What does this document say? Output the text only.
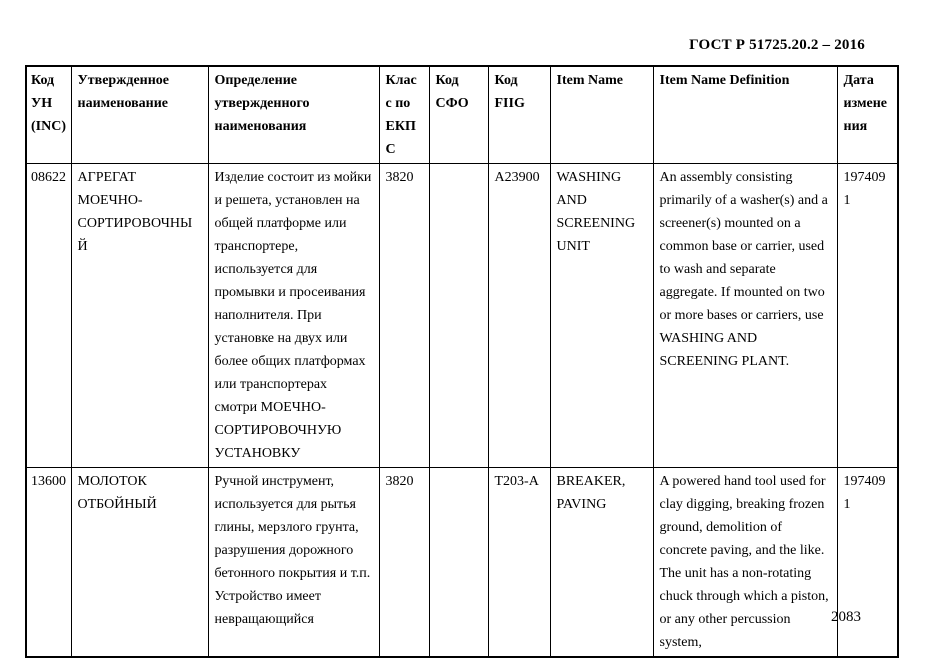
ГОСТ Р 51725.20.2 – 2016
Код УН (INC)	Утвержденное наименование	Определение утвержденного наименования	Класс по ЕКПС	Код СФО	Код FIIG	Item Name	Item Name Definition	Дата изменения
08622	АГРЕГАТ МОЕЧНО-СОРТИРОВОЧНЫЙ	Изделие состоит из мойки и решета, установлен на общей платформе или транспортере, используется для промывки и просеивания наполнителя. При установке на двух или более общих платформах или транспортерах смотри МОЕЧНО-СОРТИРОВОЧНУЮ УСТАНОВКУ	3820		A23900	WASHING AND SCREENING UNIT	An assembly consisting primarily of a washer(s) and a screener(s) mounted on a common base or carrier, used to wash and separate aggregate. If mounted on two or more bases or carriers, use WASHING AND SCREENING PLANT.	1974091
13600	МОЛОТОК ОТБОЙНЫЙ	Ручной инструмент, используется для рытья глины, мерзлого грунта, разрушения дорожного бетонного покрытия и т.п. Устройство имеет невращающийся	3820		T203-A	BREAKER, PAVING	A powered hand tool used for clay digging, breaking frozen ground, demolition of concrete paving, and the like. The unit has a non-rotating chuck through which a piston, or any other percussion system,	1974091
2083
